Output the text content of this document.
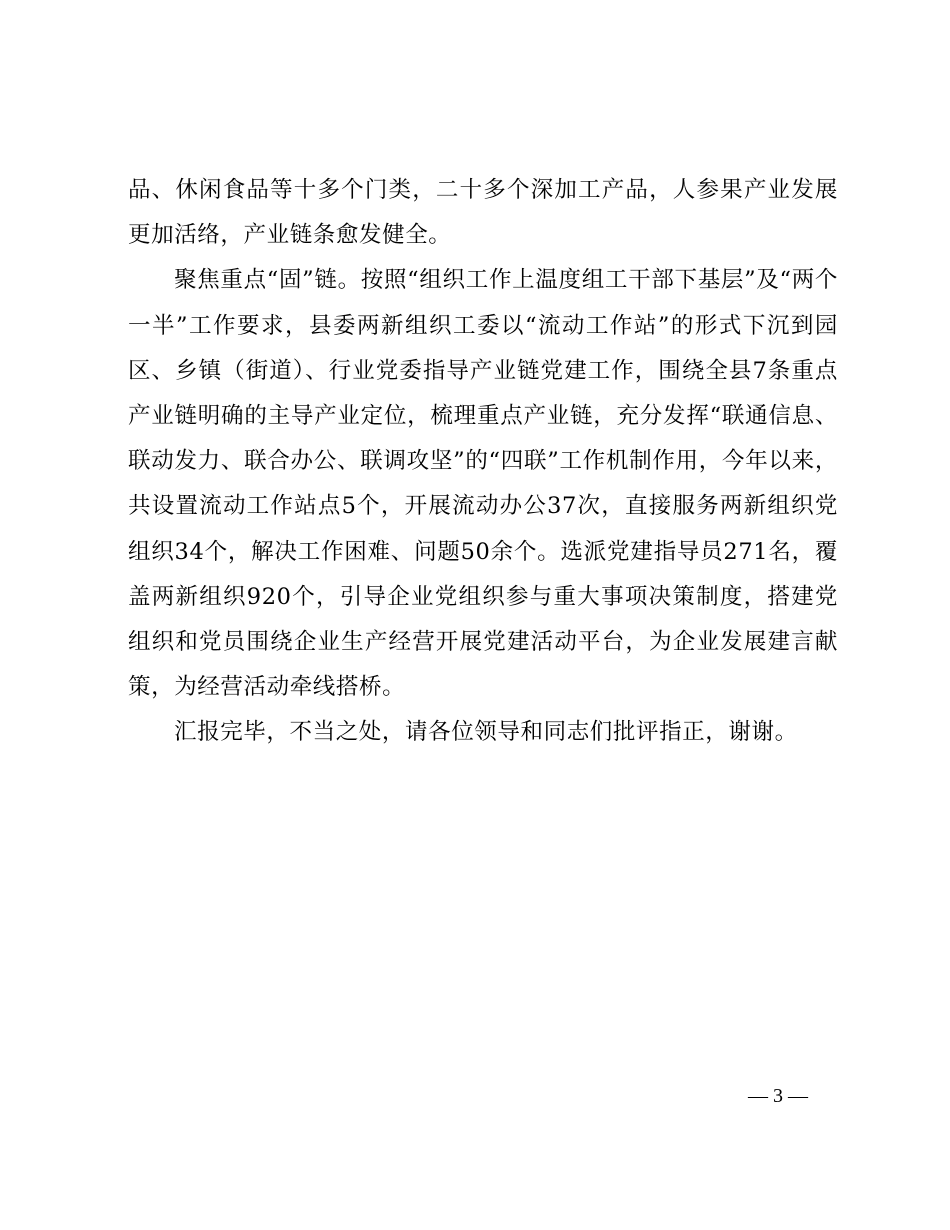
品、休闲食品等十多个门类，二十多个深加工产品，人参果产业发展更加活络，产业链条愈发健全。

聚焦重点“固”链。按照“组织工作上温度组工干部下基层”及“两个一半”工作要求，县委两新组织工委以“流动工作站”的形式下沉到园区、乡镇（街道）、行业党委指导产业链党建工作，围绕全县7条重点产业链明确的主导产业定位，梳理重点产业链，充分发挥“联通信息、联动发力、联合办公、联调攻坚”的“四联”工作机制作用，今年以来，共设置流动工作站点5个，开展流动办公37次，直接服务两新组织党组织34个，解决工作困难、问题50余个。选派党建指导员271名，覆盖两新组织920个，引导企业党组织参与重大事项决策制度，搭建党组织和党员围绕企业生产经营开展党建活动平台，为企业发展建言献策，为经营活动牵线搭桥。

汇报完毕，不当之处，请各位领导和同志们批评指正，谢谢。

— 3 —
